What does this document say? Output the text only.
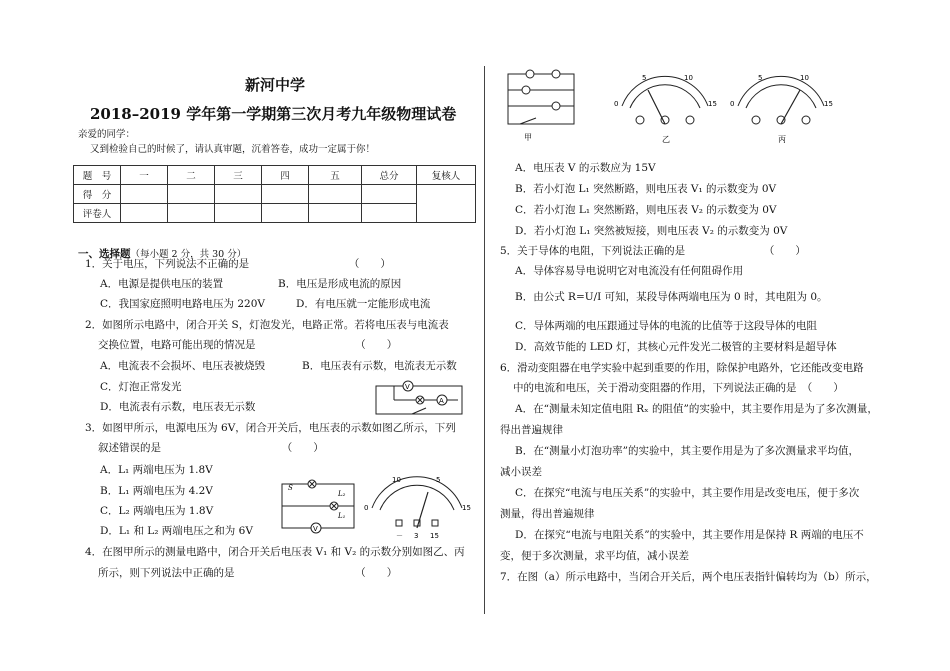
新河中学
2018–2019 学年第一学期第三次月考九年级物理试卷
亲爱的同学：
又到检验自己的时候了，请认真审题，沉着答卷，成功一定属于你！
题　号	一	二	三	四	五	总分	复核人
得　分							
评卷人							
一、选择题（每小题 2 分，共 30 分）
1．关于电压，下列说法不正确的是　　　　　　　　　　（　　）
A．电源是提供电压的装置	B．电压是形成电流的原因
C．我国家庭照明电路电压为 220V	D．有电压就一定能形成电流
2．如图所示电路中，闭合开关 S，灯泡发光，电路正常。若将电压表与电流表
交换位置，电路可能出现的情况是　　　　　　　　　　（　　）
A．电流表不会损坏、电压表被烧毁	B．电压表有示数，电流表无示数
C．灯泡正常发光
D．电流表有示数，电压表无示数
3．如图甲所示，电源电压为 6V，闭合开关后，电压表的示数如图乙所示，下列
叙述错误的是　　　　　　　　　　　　（　　）
A．L₁ 两端电压为 1.8V
B．L₁ 两端电压为 4.2V
C．L₂ 两端电压为 1.8V
D．L₁ 和 L₂ 两端电压之和为 6V
4．在图甲所示的测量电路中，闭合开关后电压表 V₁ 和 V₂ 的示数分别如图乙、丙
所示，则下列说法中正确的是　　　　　　　　　　　　（　　）
V
A
V
L₂
L₁
S
10	5
0	15
－ 3 15
甲
5	10
0	15
乙
5	10
0	15
丙
A．电压表 V 的示数应为 15V
B．若小灯泡 L₁ 突然断路，则电压表 V₁ 的示数变为 0V
C．若小灯泡 L₁ 突然断路，则电压表 V₂ 的示数变为 0V
D．若小灯泡 L₁ 突然被短接，则电压表 V₂ 的示数变为 0V
5．关于导体的电阻，下列说法正确的是　　　　　　　　（　　）
A．导体容易导电说明它对电流没有任何阻碍作用
B．由公式 R=U/I 可知，某段导体两端电压为 0 时，其电阻为 0。
C．导体两端的电压跟通过导体的电流的比值等于这段导体的电阻
D．高效节能的 LED 灯，其核心元件发光二极管的主要材料是超导体
6．滑动变阻器在电学实验中起到重要的作用，除保护电路外，它还能改变电路
中的电流和电压，关于滑动变阻器的作用，下列说法正确的是　（　　）
A．在“测量未知定值电阻 Rₓ 的阻值”的实验中，其主要作用是为了多次测量，
得出普遍规律
B．在“测量小灯泡功率”的实验中，其主要作用是为了多次测量求平均值，
减小误差
C．在探究“电流与电压关系”的实验中，其主要作用是改变电压，便于多次
测量，得出普遍规律
D．在探究“电流与电阻关系”的实验中，其主要作用是保持 R 两端的电压不
变，便于多次测量，求平均值，减小误差
7．在图（a）所示电路中，当闭合开关后，两个电压表指针偏转均为（b）所示，
